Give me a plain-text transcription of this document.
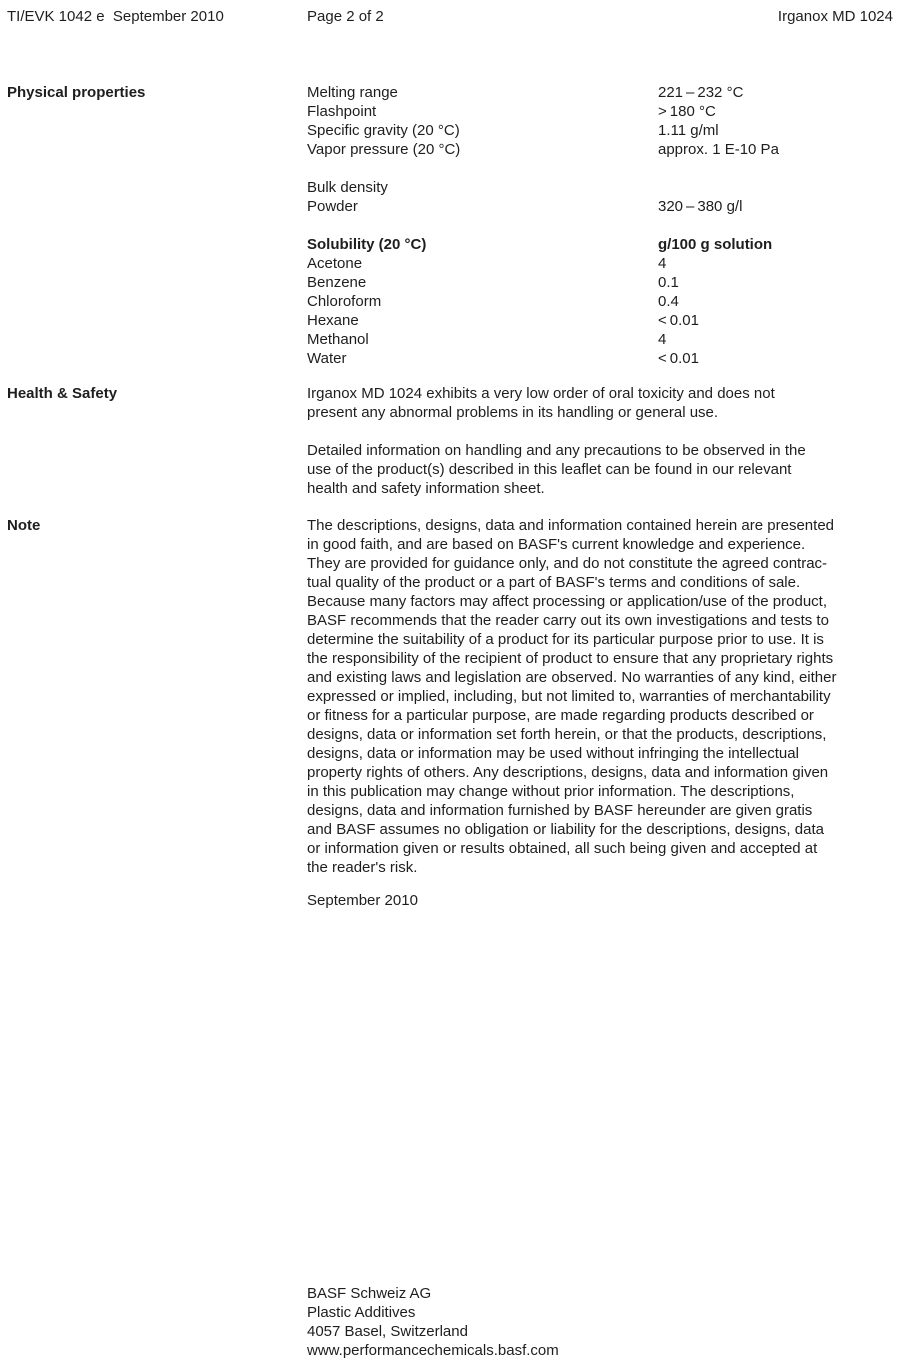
TI/EVK 1042 e  September 2010	Page 2 of 2	Irganox MD 1024
Physical properties	Melting range	221 – 232 °C
Flashpoint	> 180 °C
Specific gravity (20 °C)	1.11 g/ml
Vapor pressure (20 °C)	approx. 1 E-10 Pa
Bulk density
Powder	320 – 380 g/l
Solubility (20 °C)	g/100 g solution
Acetone	4
Benzene	0.1
Chloroform	0.4
Hexane	< 0.01
Methanol	4
Water	< 0.01
Health & Safety	Irganox MD 1024 exhibits a very low order of oral toxicity and does not
present any abnormal problems in its handling or general use.
Detailed information on handling and any precautions to be observed in the
use of the product(s) described in this leaflet can be found in our relevant
health and safety information sheet.
Note	The descriptions, designs, data and information contained herein are presented
in good faith, and are based on BASF's current knowledge and experience.
They are provided for guidance only, and do not constitute the agreed contrac-
tual quality of the product or a part of BASF's terms and conditions of sale.
Because many factors may affect processing or application/use of the product,
BASF recommends that the reader carry out its own investigations and tests to
determine the suitability of a product for its particular purpose prior to use. It is
the responsibility of the recipient of product to ensure that any proprietary rights
and existing laws and legislation are observed. No warranties of any kind, either
expressed or implied, including, but not limited to, warranties of merchantability
or fitness for a particular purpose, are made regarding products described or
designs, data or information set forth herein, or that the products, descriptions,
designs, data or information may be used without infringing the intellectual
property rights of others. Any descriptions, designs, data and information given
in this publication may change without prior information. The descriptions,
designs, data and information furnished by BASF hereunder are given gratis
and BASF assumes no obligation or liability for the descriptions, designs, data
or information given or results obtained, all such being given and accepted at
the reader's risk.
September 2010
BASF Schweiz AG
Plastic Additives
4057 Basel, Switzerland
www.performancechemicals.basf.com
